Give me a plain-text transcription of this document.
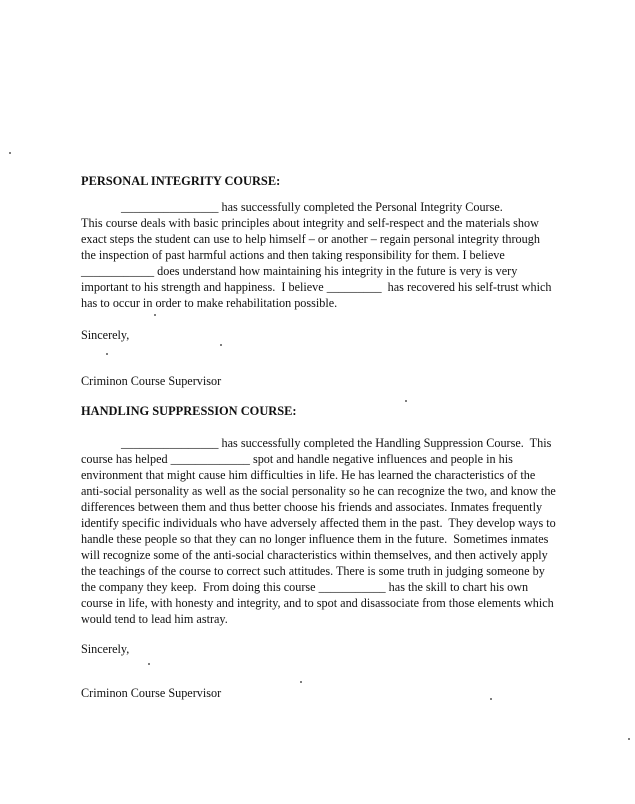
PERSONAL INTEGRITY COURSE:

________________ has successfully completed the Personal Integrity Course.

This course deals with basic principles about integrity and self-respect and the materials show

exact steps the student can use to help himself – or another – regain personal integrity through

the inspection of past harmful actions and then taking responsibility for them. I believe

____________ does understand how maintaining his integrity in the future is very is very

important to his strength and happiness.  I believe _________  has recovered his self-trust which

has to occur in order to make rehabilitation possible.

Sincerely,

Criminon Course Supervisor

HANDLING SUPPRESSION COURSE:

________________ has successfully completed the Handling Suppression Course.  This

course has helped _____________ spot and handle negative influences and people in his

environment that might cause him difficulties in life. He has learned the characteristics of the

anti-social personality as well as the social personality so he can recognize the two, and know the

differences between them and thus better choose his friends and associates. Inmates frequently

identify specific individuals who have adversely affected them in the past.  They develop ways to

handle these people so that they can no longer influence them in the future.  Sometimes inmates

will recognize some of the anti-social characteristics within themselves, and then actively apply

the teachings of the course to correct such attitudes. There is some truth in judging someone by

the company they keep.  From doing this course ___________ has the skill to chart his own

course in life, with honesty and integrity, and to spot and disassociate from those elements which

would tend to lead him astray.

Sincerely,

Criminon Course Supervisor
